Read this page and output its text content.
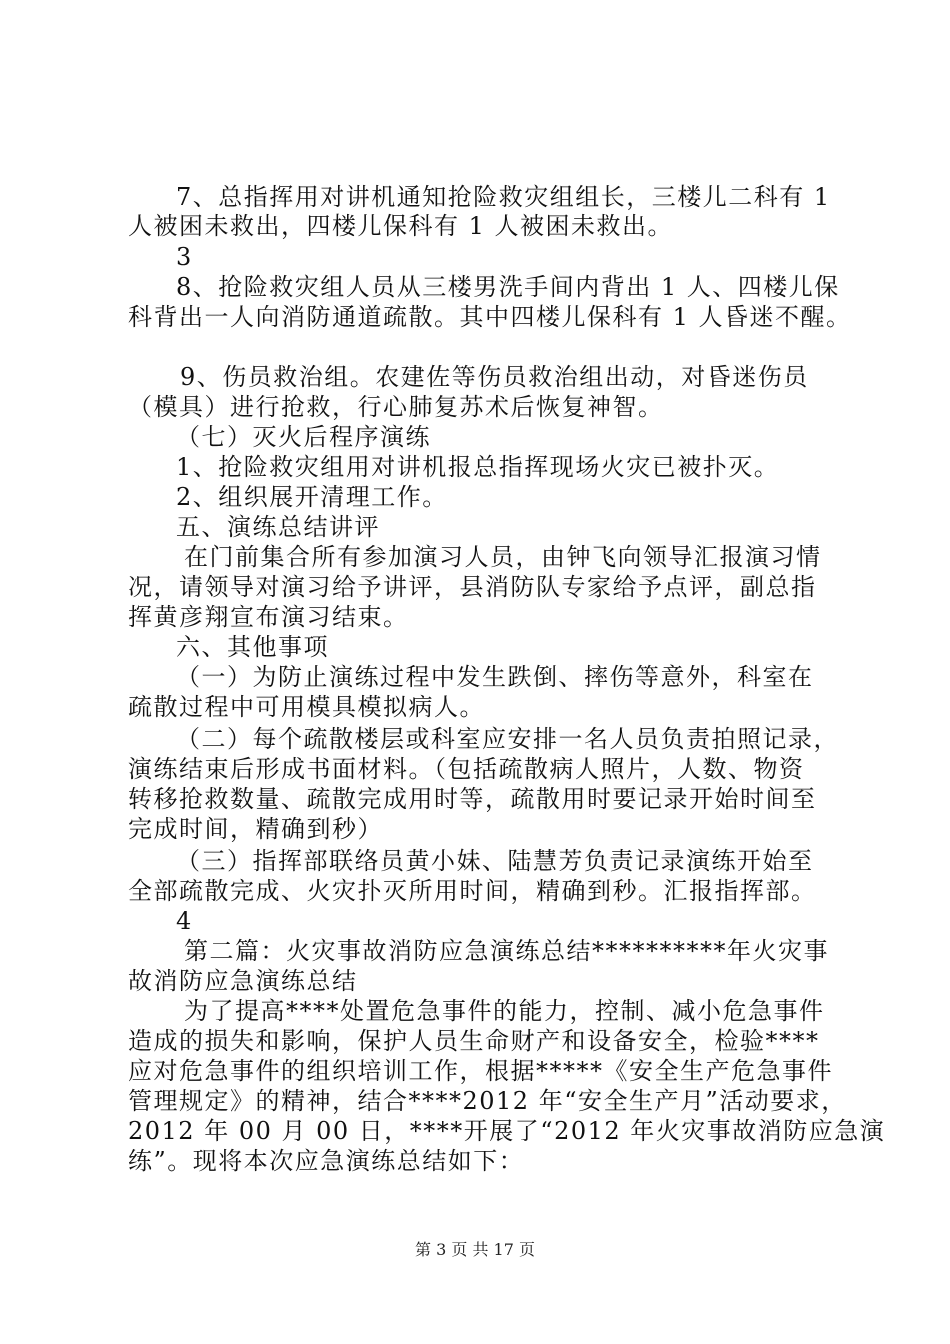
7、总指挥用对讲机通知抢险救灾组组长，三楼儿二科有 1
人被困未救出，四楼儿保科有 1 人被困未救出。
3
8、抢险救灾组人员从三楼男洗手间内背出 1 人、四楼儿保
科背出一人向消防通道疏散。其中四楼儿保科有 1 人昏迷不醒。
9、伤员救治组。农建佐等伤员救治组出动，对昏迷伤员
（模具）进行抢救，行心肺复苏术后恢复神智。
（七）灭火后程序演练
1、抢险救灾组用对讲机报总指挥现场火灾已被扑灭。
2、组织展开清理工作。
五、演练总结讲评
在门前集合所有参加演习人员，由钟飞向领导汇报演习情
况，请领导对演习给予讲评，县消防队专家给予点评，副总指
挥黄彦翔宣布演习结束。
六、其他事项
（一）为防止演练过程中发生跌倒、摔伤等意外，科室在
疏散过程中可用模具模拟病人。
（二）每个疏散楼层或科室应安排一名人员负责拍照记录，
演练结束后形成书面材料。（包括疏散病人照片，人数、物资
转移抢救数量、疏散完成用时等，疏散用时要记录开始时间至
完成时间，精确到秒）
（三）指挥部联络员黄小妹、陆慧芳负责记录演练开始至
全部疏散完成、火灾扑灭所用时间，精确到秒。汇报指挥部。
4
第二篇：火灾事故消防应急演练总结**********年火灾事
故消防应急演练总结
为了提高****处置危急事件的能力，控制、减小危急事件
造成的损失和影响，保护人员生命财产和设备安全，检验****
应对危急事件的组织培训工作，根据*****《安全生产危急事件
管理规定》的精神，结合****2012 年“安全生产月”活动要求，
2012 年 00 月 00 日，****开展了“2012 年火灾事故消防应急演
练”。现将本次应急演练总结如下：
第 3 页 共 17 页
